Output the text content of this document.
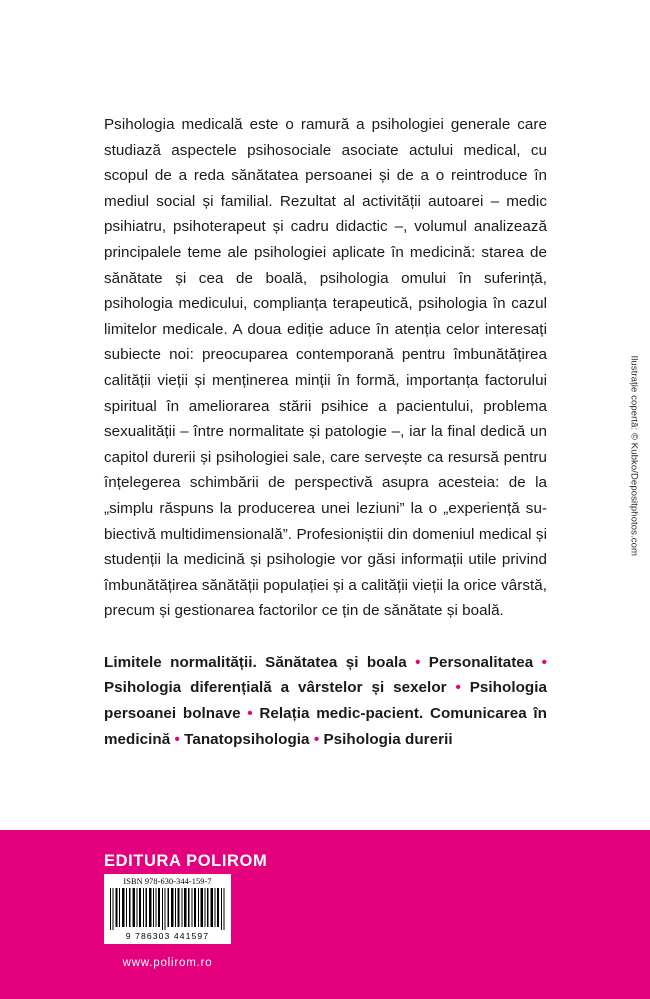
Psihologia medicală este o ramură a psihologiei generale care studiază aspectele psihosociale asociate actului medical, cu scopul de a reda sănătatea persoanei și de a o reintroduce în mediul social și familial. Rezultat al activității autoarei – medic psihiatru, psihoterapeut și cadru didactic –, volumul analizează principalele teme ale psihologiei aplicate în medicină: starea de sănătate și cea de boală, psihologia omului în suferință, psihologia medicului, complianța terapeutică, psihologia în cazul limitelor medicale. A doua ediție aduce în atenția celor interesați subiecte noi: preocuparea contemporană pentru îmbunătățirea calității vieții și menținerea minții în formă, importanța factorului spiritual în ameliorarea stării psihice a pacientului, problema sexualității – între normalitate și patologie –, iar la final dedică un capitol durerii și psihologiei sale, care servește ca resursă pentru înțelegerea schimbării de perspectivă asupra acesteia: de la „simplu răspuns la producerea unei leziuni” la o „experiență subiectivă multidimensională”. Profesioniștii din domeniul medical și studenții la medicină și psihologie vor găsi informații utile privind îmbunătățirea sănătății populației și a calității vieții la orice vârstă, precum și gestionarea factorilor ce țin de sănătate și boală.

Limitele normalității. Sănătatea și boala • Personalitatea • Psihologia diferențială a vârstelor și sexelor • Psihologia persoanei bolnave • Relația medic-pacient. Comunicarea în medicină • Tanatopsihologia • Psihologia durerii
Ilustrație copertă: © Kubko/Depositphotos.com
EDITURA POLIROM
ISBN 978-630-344-159-7
9 786303 441597
www.polirom.ro
